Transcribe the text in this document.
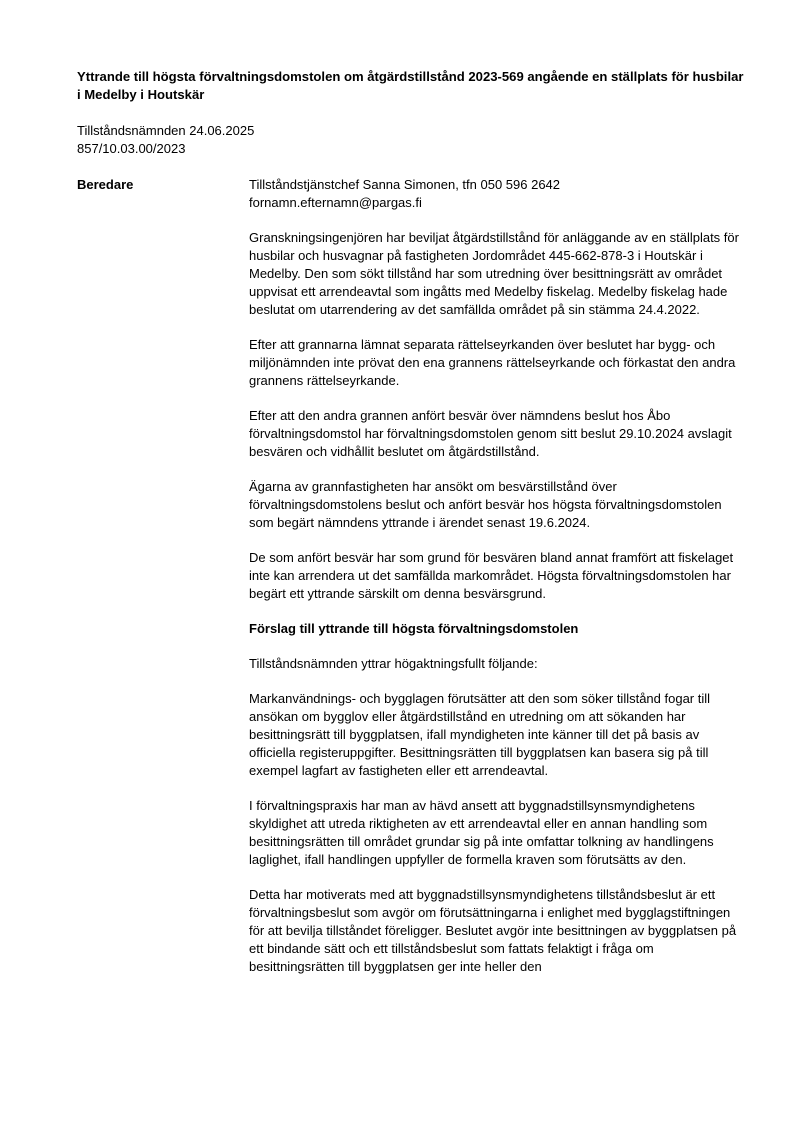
Yttrande till högsta förvaltningsdomstolen om åtgärdstillstånd 2023-569 angående en ställplats för husbilar i Medelby i Houtskär
Tillståndsnämnden 24.06.2025
857/10.03.00/2023
Beredare	Tillståndstjänstchef Sanna Simonen, tfn 050 596 2642
fornamn.efternamn@pargas.fi

Granskningsingenjören har beviljat åtgärdstillstånd för anläggande av en ställplats för husbilar och husvagnar på fastigheten Jordområdet 445-662-878-3 i Houtskär i Medelby. Den som sökt tillstånd har som utredning över besittningsrätt av området uppvisat ett arrendeavtal som ingåtts med Medelby fiskelag. Medelby fiskelag hade beslutat om utarrendering av det samfällda området på sin stämma 24.4.2022.

Efter att grannarna lämnat separata rättelseyrkanden över beslutet har bygg- och miljönämnden inte prövat den ena grannens rättelseyrkande och förkastat den andra grannens rättelseyrkande.

Efter att den andra grannen anfört besvär över nämndens beslut hos Åbo förvaltningsdomstol har förvaltningsdomstolen genom sitt beslut 29.10.2024 avslagit besvären och vidhållit beslutet om åtgärdstillstånd.

Ägarna av grannfastigheten har ansökt om besvärstillstånd över förvaltningsdomstolens beslut och anfört besvär hos högsta förvaltningsdomstolen som begärt nämndens yttrande i ärendet senast 19.6.2024.

De som anfört besvär har som grund för besvären bland annat framfört att fiskelaget inte kan arrendera ut det samfällda markområdet. Högsta förvaltningsdomstolen har begärt ett yttrande särskilt om denna besvärsgrund.

Förslag till yttrande till högsta förvaltningsdomstolen

Tillståndsnämnden yttrar högaktningsfullt följande:

Markanvändnings- och bygglagen förutsätter att den som söker tillstånd fogar till ansökan om bygglov eller åtgärdstillstånd en utredning om att sökanden har besittningsrätt till byggplatsen, ifall myndigheten inte känner till det på basis av officiella registeruppgifter. Besittningsrätten till byggplatsen kan basera sig på till exempel lagfart av fastigheten eller ett arrendeavtal.

I förvaltningspraxis har man av hävd ansett att byggnadstillsynsmyndighetens skyldighet att utreda riktigheten av ett arrendeavtal eller en annan handling som besittningsrätten till området grundar sig på inte omfattar tolkning av handlingens laglighet, ifall handlingen uppfyller de formella kraven som förutsätts av den.

Detta har motiverats med att byggnadstillsynsmyndighetens tillståndsbeslut är ett förvaltningsbeslut som avgör om förutsättningarna i enlighet med bygglagstiftningen för att bevilja tillståndet föreligger. Beslutet avgör inte besittningen av byggplatsen på ett bindande sätt och ett tillståndsbeslut som fattats felaktigt i fråga om besittningsrätten till byggplatsen ger inte heller den
